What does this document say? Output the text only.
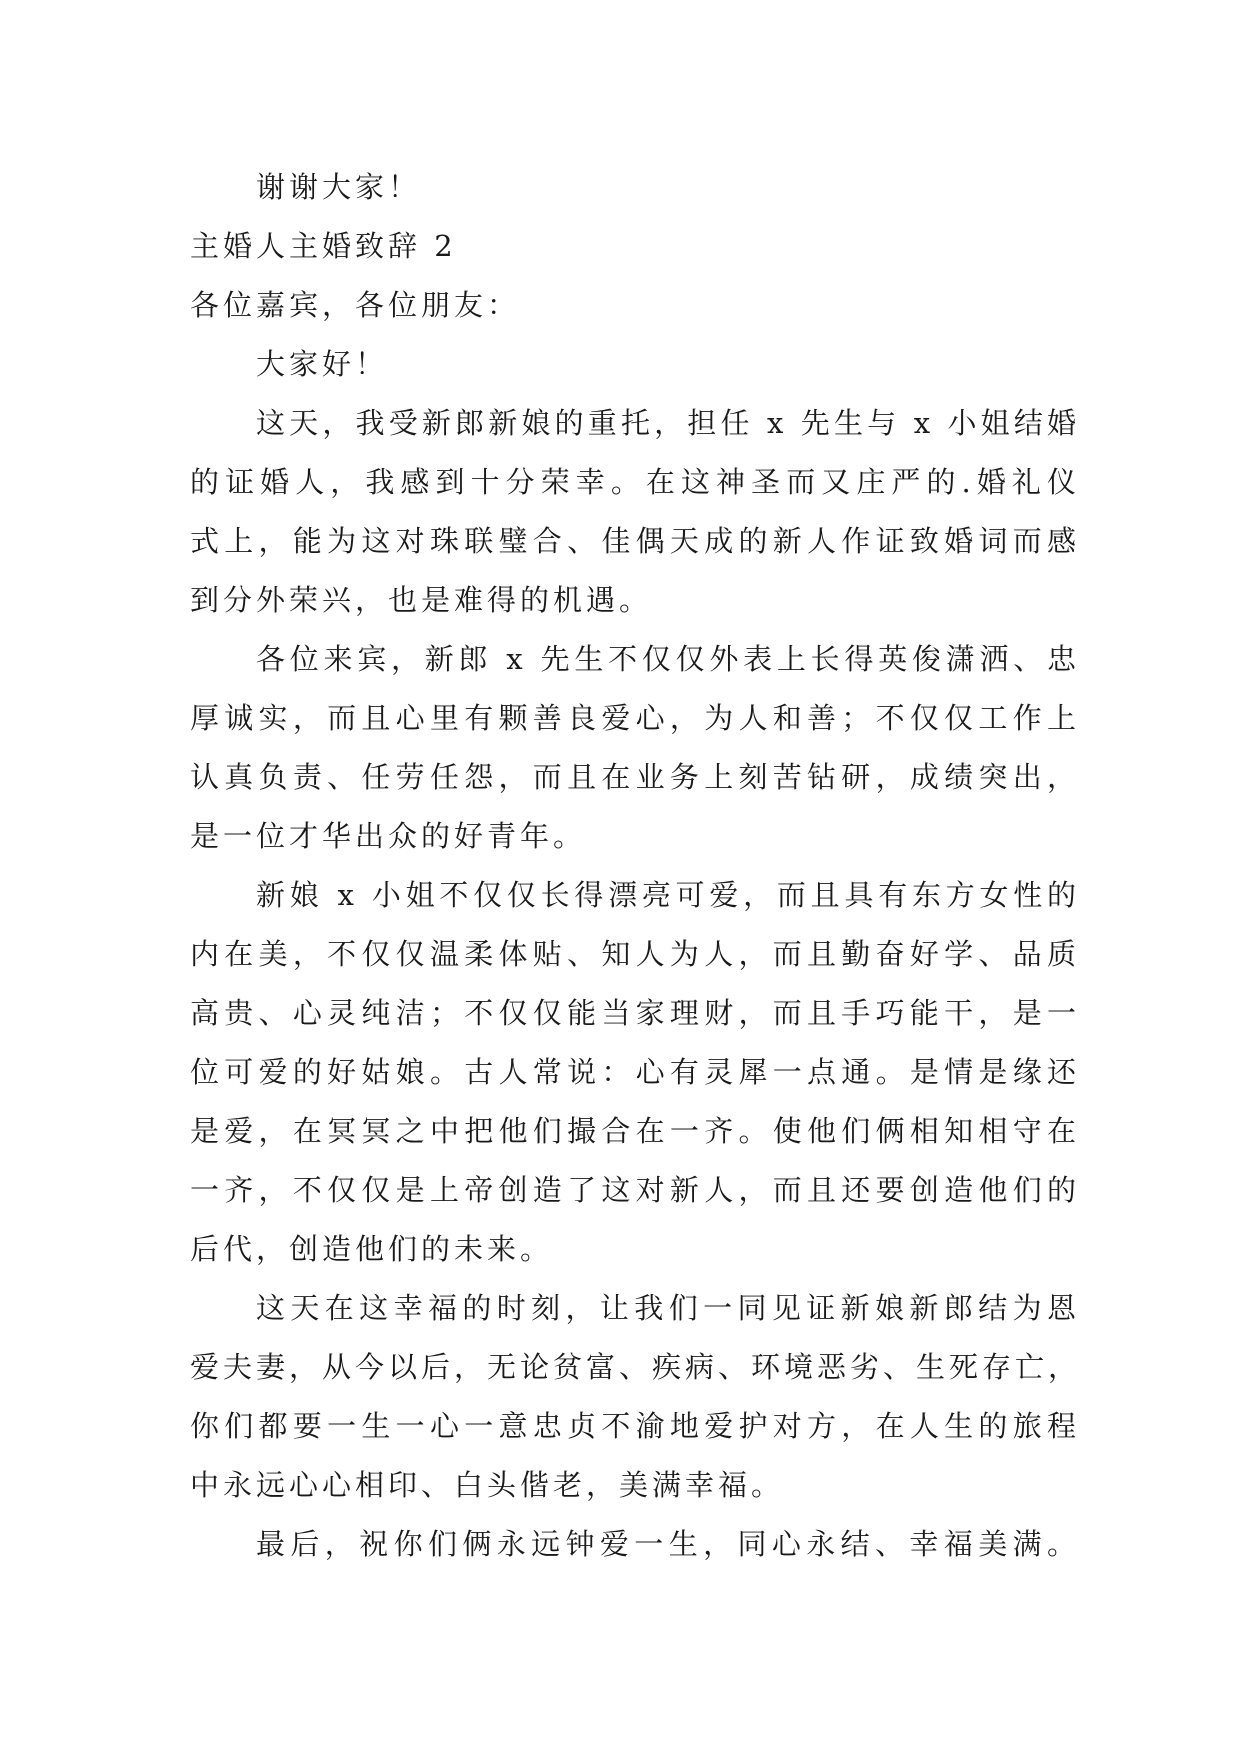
谢谢大家！
主婚人主婚致辞 2
各位嘉宾，各位朋友：
大家好！
这天，我受新郎新娘的重托，担任 x 先生与 x 小姐结婚
的证婚人，我感到十分荣幸。在这神圣而又庄严的.婚礼仪
式上，能为这对珠联璧合、佳偶天成的新人作证致婚词而感
到分外荣兴，也是难得的机遇。
各位来宾，新郎 x 先生不仅仅外表上长得英俊潇洒、忠
厚诚实，而且心里有颗善良爱心，为人和善；不仅仅工作上
认真负责、任劳任怨，而且在业务上刻苦钻研，成绩突出，
是一位才华出众的好青年。
新娘 x 小姐不仅仅长得漂亮可爱，而且具有东方女性的
内在美，不仅仅温柔体贴、知人为人，而且勤奋好学、品质
高贵、心灵纯洁；不仅仅能当家理财，而且手巧能干，是一
位可爱的好姑娘。古人常说：心有灵犀一点通。是情是缘还
是爱，在冥冥之中把他们撮合在一齐。使他们俩相知相守在
一齐，不仅仅是上帝创造了这对新人，而且还要创造他们的
后代，创造他们的未来。
这天在这幸福的时刻，让我们一同见证新娘新郎结为恩
爱夫妻，从今以后，无论贫富、疾病、环境恶劣、生死存亡，
你们都要一生一心一意忠贞不渝地爱护对方，在人生的旅程
中永远心心相印、白头偕老，美满幸福。
最后，祝你们俩永远钟爱一生，同心永结、幸福美满。
